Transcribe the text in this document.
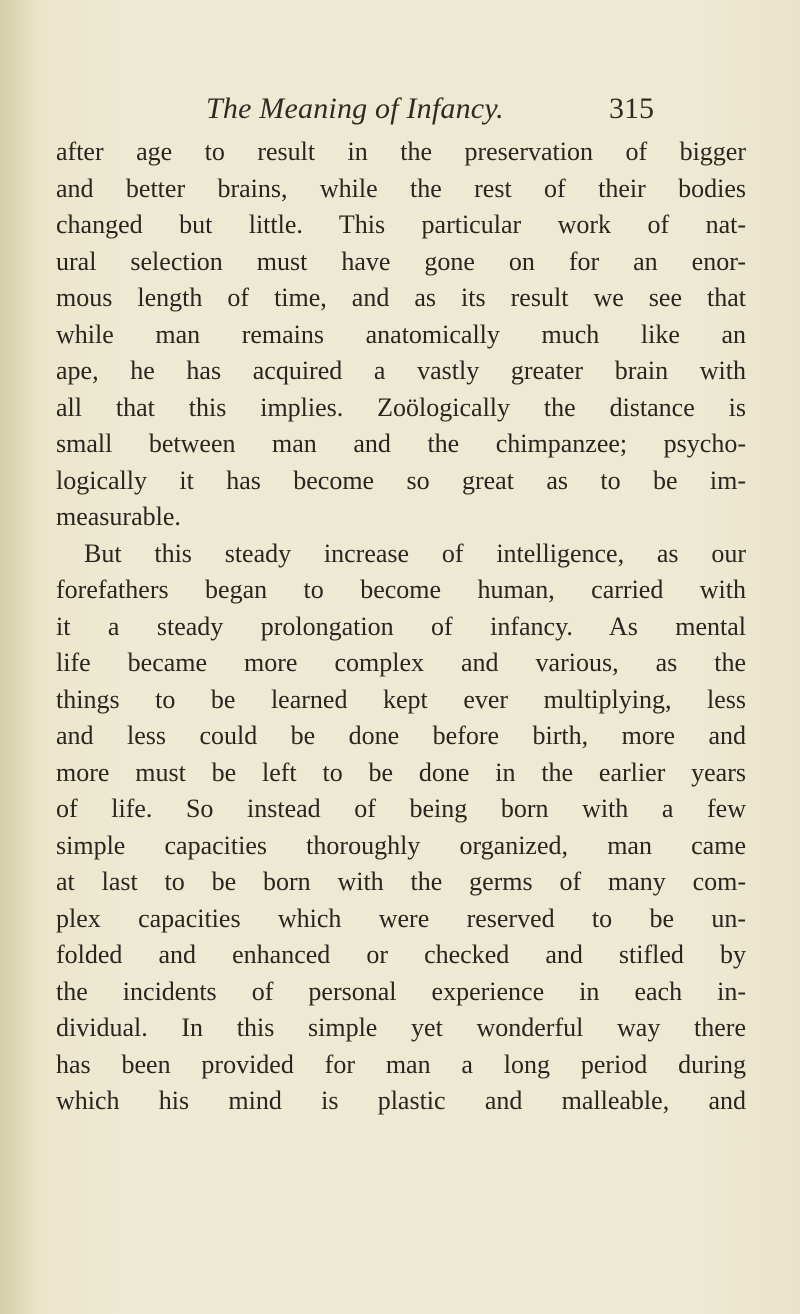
The Meaning of Infancy.	315
after age to result in the preservation of bigger
and better brains, while the rest of their bodies
changed but little. This particular work of nat-
ural selection must have gone on for an enor-
mous length of time, and as its result we see that
while man remains anatomically much like an
ape, he has acquired a vastly greater brain with
all that this implies. Zoölogically the distance is
small between man and the chimpanzee; psycho-
logically it has become so great as to be im-
measurable.
But this steady increase of intelligence, as our
forefathers began to become human, carried with
it a steady prolongation of infancy. As mental
life became more complex and various, as the
things to be learned kept ever multiplying, less
and less could be done before birth, more and
more must be left to be done in the earlier years
of life. So instead of being born with a few
simple capacities thoroughly organized, man came
at last to be born with the germs of many com-
plex capacities which were reserved to be un-
folded and enhanced or checked and stifled by
the incidents of personal experience in each in-
dividual. In this simple yet wonderful way there
has been provided for man a long period during
which his mind is plastic and malleable, and
